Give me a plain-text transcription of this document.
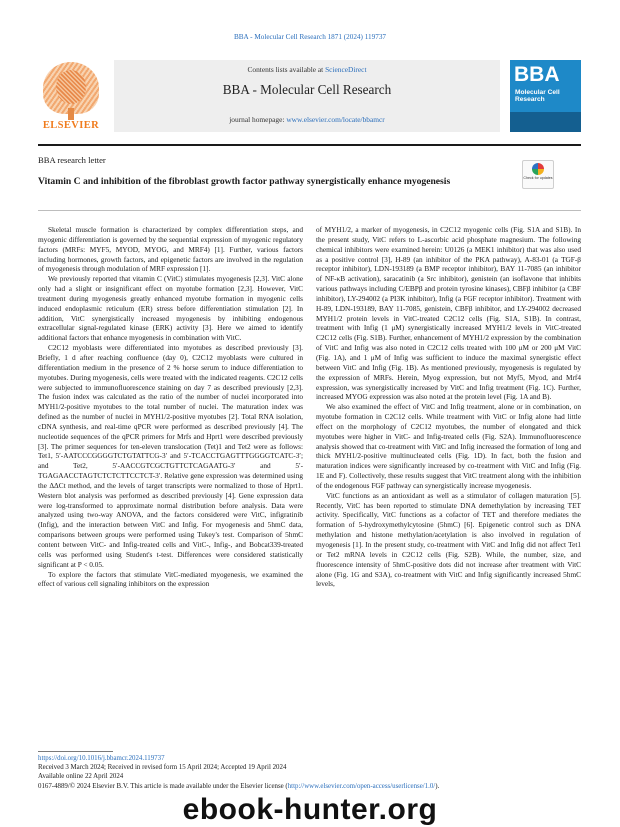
BBA - Molecular Cell Research 1871 (2024) 119737
ELSEVIER
Contents lists available at ScienceDirect
BBA - Molecular Cell Research
journal homepage: www.elsevier.com/locate/bbamcr
BBA
Molecular Cell Research
BBA research letter
Vitamin C and inhibition of the fibroblast growth factor pathway synergistically enhance myogenesis	Check for updates

Skeletal muscle formation is characterized by complex differentiation steps, and myogenic differentiation is governed by the sequential expression of myogenic regulatory factors (MRFs: MYF5, MYOD, MYOG, and MRF4) [1]. Further, various factors including hormones, growth factors, and epigenetic factors are involved in the regulation of myogenesis through modulation of MRF expression [1].

We previously reported that vitamin C (VitC) stimulates myogenesis [2,3]. VitC alone only had a slight or insignificant effect on myotube formation [2,3]. However, VitC treatment during myogenesis greatly enhanced myotube formation in myogenic cells induced endoplasmic reticulum (ER) stress before differentiation stimulation [2]. In addition, VitC synergistically increased myogenesis by inhibiting endogenous extracellular signal-regulated kinase (ERK) activity [3]. Here we aimed to identify additional factors that enhance myogenesis in combination with VitC.

C2C12 myoblasts were differentiated into myotubes as described previously [3]. Briefly, 1 d after reaching confluence (day 0), C2C12 myoblasts were cultured in differentiation medium in the presence of 2 % horse serum to induce differentiation to myotubes. During myogenesis, cells were treated with the indicated reagents. C2C12 cells were subjected to immunofluorescence staining on day 7 as described previously [2,3]. The fusion index was calculated as the ratio of the number of nuclei incorporated into MYH1/2-positive myotubes to the total number of nuclei. The maturation index was defined as the number of nuclei in MYH1/2-positive myotubes [2]. Total RNA isolation, cDNA synthesis, and real-time qPCR were performed as described previously [4]. The nucleotide sequences of the qPCR primers for Mrfs and Hprt1 were described previously [3]. The primer sequences for ten-eleven translocation (Tet)1 and Tet2 were as follows: Tet1, 5′-AATCCCGGGGTCTGTATTCG-3′ and 5′-TCACCTGAGTTTGGGGTCATC-3′; and Tet2, 5′-AACCGTCGCTGTTCTCAGAATG-3′ and 5′-TGAGAACCTAGTCTCTCTTCCTCT-3′. Relative gene expression was determined using the ΔΔCt method, and the levels of target transcripts were normalized to those of Hprt1. Western blot analysis was performed as described previously [4]. Gene expression data were log-transformed to approximate normal distribution before analysis. Data were analyzed using two-way ANOVA, and the factors considered were VitC, infigratinib (Infig), and the interaction between VitC and Infig. For myogenesis and 5hmC data, comparisons between groups were performed using Tukey's test. Comparison of 5hmC content between VitC- and Infig-treated cells and VitC-, Infig-, and Bobcat339-treated cells was performed using Student's t-test. Differences were considered statistically significant at P < 0.05.

To explore the factors that stimulate VitC-mediated myogenesis, we examined the effect of various cell signaling inhibitors on the expression

of MYH1/2, a marker of myogenesis, in C2C12 myogenic cells (Fig. S1A and S1B). In the present study, VitC refers to L-ascorbic acid phosphate magnesium. The following chemical inhibitors were examined herein: U0126 (a MEK1 inhibitor) that was also used as a positive control [3], H-89 (an inhibitor of the PKA pathway), A-83-01 (a TGF-β receptor inhibitor), LDN-193189 (a BMP receptor inhibitor), BAY 11-7085 (an inhibitor of NF-κB activation), saracatinib (a Src inhibitor), genistein (an isoflavone that inhibits various pathways including C/EBPβ and protein tyrosine kinases), CBFβ inhibitor (a CBF inhibitor), LY-294002 (a PI3K inhibitor), Infig (a FGF receptor inhibitor). Treatment with H-89, LDN-193189, BAY 11-7085, genistein, CBFβ inhibitor, and LY-294002 decreased MYH1/2 protein levels in VitC-treated C2C12 cells (Fig. S1A, S1B). In contrast, treatment with Infig (1 μM) synergistically increased MYH1/2 levels in VitC-treated C2C12 cells (Fig. S1B). Further, enhancement of MYH1/2 expression by the combination of VitC and Infig was also noted in C2C12 cells treated with 100 μM or 200 μM VitC (Fig. 1A), and 1 μM of Infig was sufficient to induce the maximal synergistic effect between VitC and Infig (Fig. 1B). As mentioned previously, myogenesis is regulated by the expression of MRFs. Herein, Myog expression, but not Myf5, Myod, and Mrf4 expression, was synergistically increased by VitC and Infig treatment (Fig. 1C). Further, increased MYOG expression was also noted at the protein level (Fig. 1A and B).

We also examined the effect of VitC and Infig treatment, alone or in combination, on myotube formation in C2C12 cells. While treatment with VitC or Infig alone had little effect on the morphology of C2C12 myotubes, the number of elongated and thick myotubes were higher in VitC- and Infig-treated cells (Fig. S2A). Immunofluorescence analysis showed that co-treatment with VitC and Infig increased the formation of long and thick MYH1/2-positive multinucleated cells (Fig. 1D). In fact, both the fusion and maturation indices were significantly increased by co-treatment with VitC and Infig (Fig. 1E and F). Collectively, these results suggest that VitC treatment along with the inhibition of the endogenous FGF pathway can synergistically increase myogenesis.

VitC functions as an antioxidant as well as a stimulator of collagen maturation [5]. Recently, VitC has been reported to stimulate DNA demethylation by increasing TET activity. Specifically, VitC functions as a cofactor of TET and therefore mediates the formation of 5-hydroxymethylcytosine (5hmC) [6]. Epigenetic control such as DNA methylation and histone methylation/acetylation is also involved in regulation of myogenesis [1]. In the present study, co-treatment with VitC and Infig did not affect Tet1 or Tet2 mRNA levels in C2C12 cells (Fig. S2B). While, the number, size, and fluorescence intensity of 5hmC-positive dots did not increase after treatment with VitC alone (Fig. 1G and S3A), co-treatment with VitC and Infig significantly increased 5hmC levels,

https://doi.org/10.1016/j.bbamcr.2024.119737
Received 3 March 2024; Received in revised form 15 April 2024; Accepted 19 April 2024
Available online 22 April 2024
0167-4889/© 2024 Elsevier B.V. This article is made available under the Elsevier license (http://www.elsevier.com/open-access/userlicense/1.0/).
ebook-hunter.org
